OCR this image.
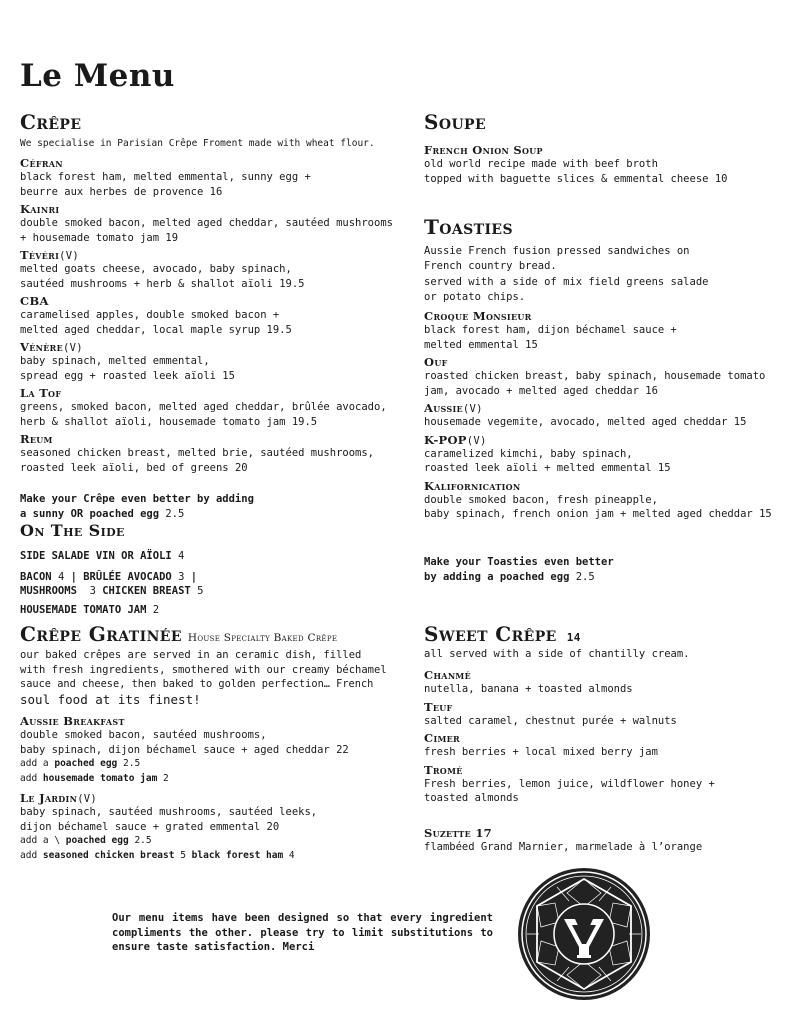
Le Menu
Crêpe
We specialise in Parisian Crêpe Froment made with wheat flour.
Céfran
black forest ham, melted emmental, sunny egg +
beurre aux herbes de provence 16
Kainri
double smoked bacon, melted aged cheddar, sautéed mushrooms
+ housemade tomato jam 19
Tévéri(V)
melted goats cheese, avocado, baby spinach,
sautéed mushrooms + herb & shallot aïoli 19.5
CBA
caramelised apples, double smoked bacon +
melted aged cheddar, local maple syrup 19.5
Vénère(V)
baby spinach, melted emmental,
spread egg + roasted leek aïoli 15
La Tof
greens, smoked bacon, melted aged cheddar, brûlée avocado,
herb & shallot aïoli, housemade tomato jam 19.5
Reum
seasoned chicken breast, melted brie, sautéed mushrooms,
roasted leek aïoli, bed of greens 20
Make your Crêpe even better by adding
a sunny OR poached egg 2.5
On The Side
SIDE SALADE VIN OR AÏOLI 4
BACON 4 | BRÛLÉE AVOCADO 3 |
MUSHROOMS 3 CHICKEN BREAST 5
HOUSEMADE TOMATO JAM 2
Crêpe Gratinée House Specialty Baked Crêpe
our baked crêpes are served in an ceramic dish, filled
with fresh ingredients, smothered with our creamy béchamel
sauce and cheese, then baked to golden perfection… French
soul food at its finest!
Aussie Breakfast
double smoked bacon, sautéed mushrooms,
baby spinach, dijon béchamel sauce + aged cheddar 22
add a poached egg 2.5
add housemade tomato jam 2
Le Jardin(V)
baby spinach, sautéed mushrooms, sautéed leeks,
dijon béchamel sauce + grated emmental 20
add a \ poached egg 2.5
add seasoned chicken breast 5 black forest ham 4
Soupe
French Onion Soup
old world recipe made with beef broth
topped with baguette slices & emmental cheese 10
Toasties
Aussie French fusion pressed sandwiches on
French country bread.
served with a side of mix field greens salade
or potato chips.
Croque Monsieur
black forest ham, dijon béchamel sauce +
melted emmental 15
Ouf
roasted chicken breast, baby spinach, housemade tomato
jam, avocado + melted aged cheddar 16
Aussie(V)
housemade vegemite, avocado, melted aged cheddar 15
K-POP(V)
caramelized kimchi, baby spinach,
roasted leek aïoli + melted emmental 15
Kalifornication
double smoked bacon, fresh pineapple,
baby spinach, french onion jam + melted aged cheddar 15
Make your Toasties even better
by adding a poached egg 2.5
Sweet Crêpe 14
all served with a side of chantilly cream.
Chanmé
nutella, banana + toasted almonds
Teuf
salted caramel, chestnut purée + walnuts
Cimer
fresh berries + local mixed berry jam
Tromé
Fresh berries, lemon juice, wildflower honey +
toasted almonds
Suzette 17
flambéed Grand Marnier, marmelade à l’orange
Our menu items have been designed so that every ingredient compliments the other. please try to limit substitutions to ensure taste satisfaction. Merci
